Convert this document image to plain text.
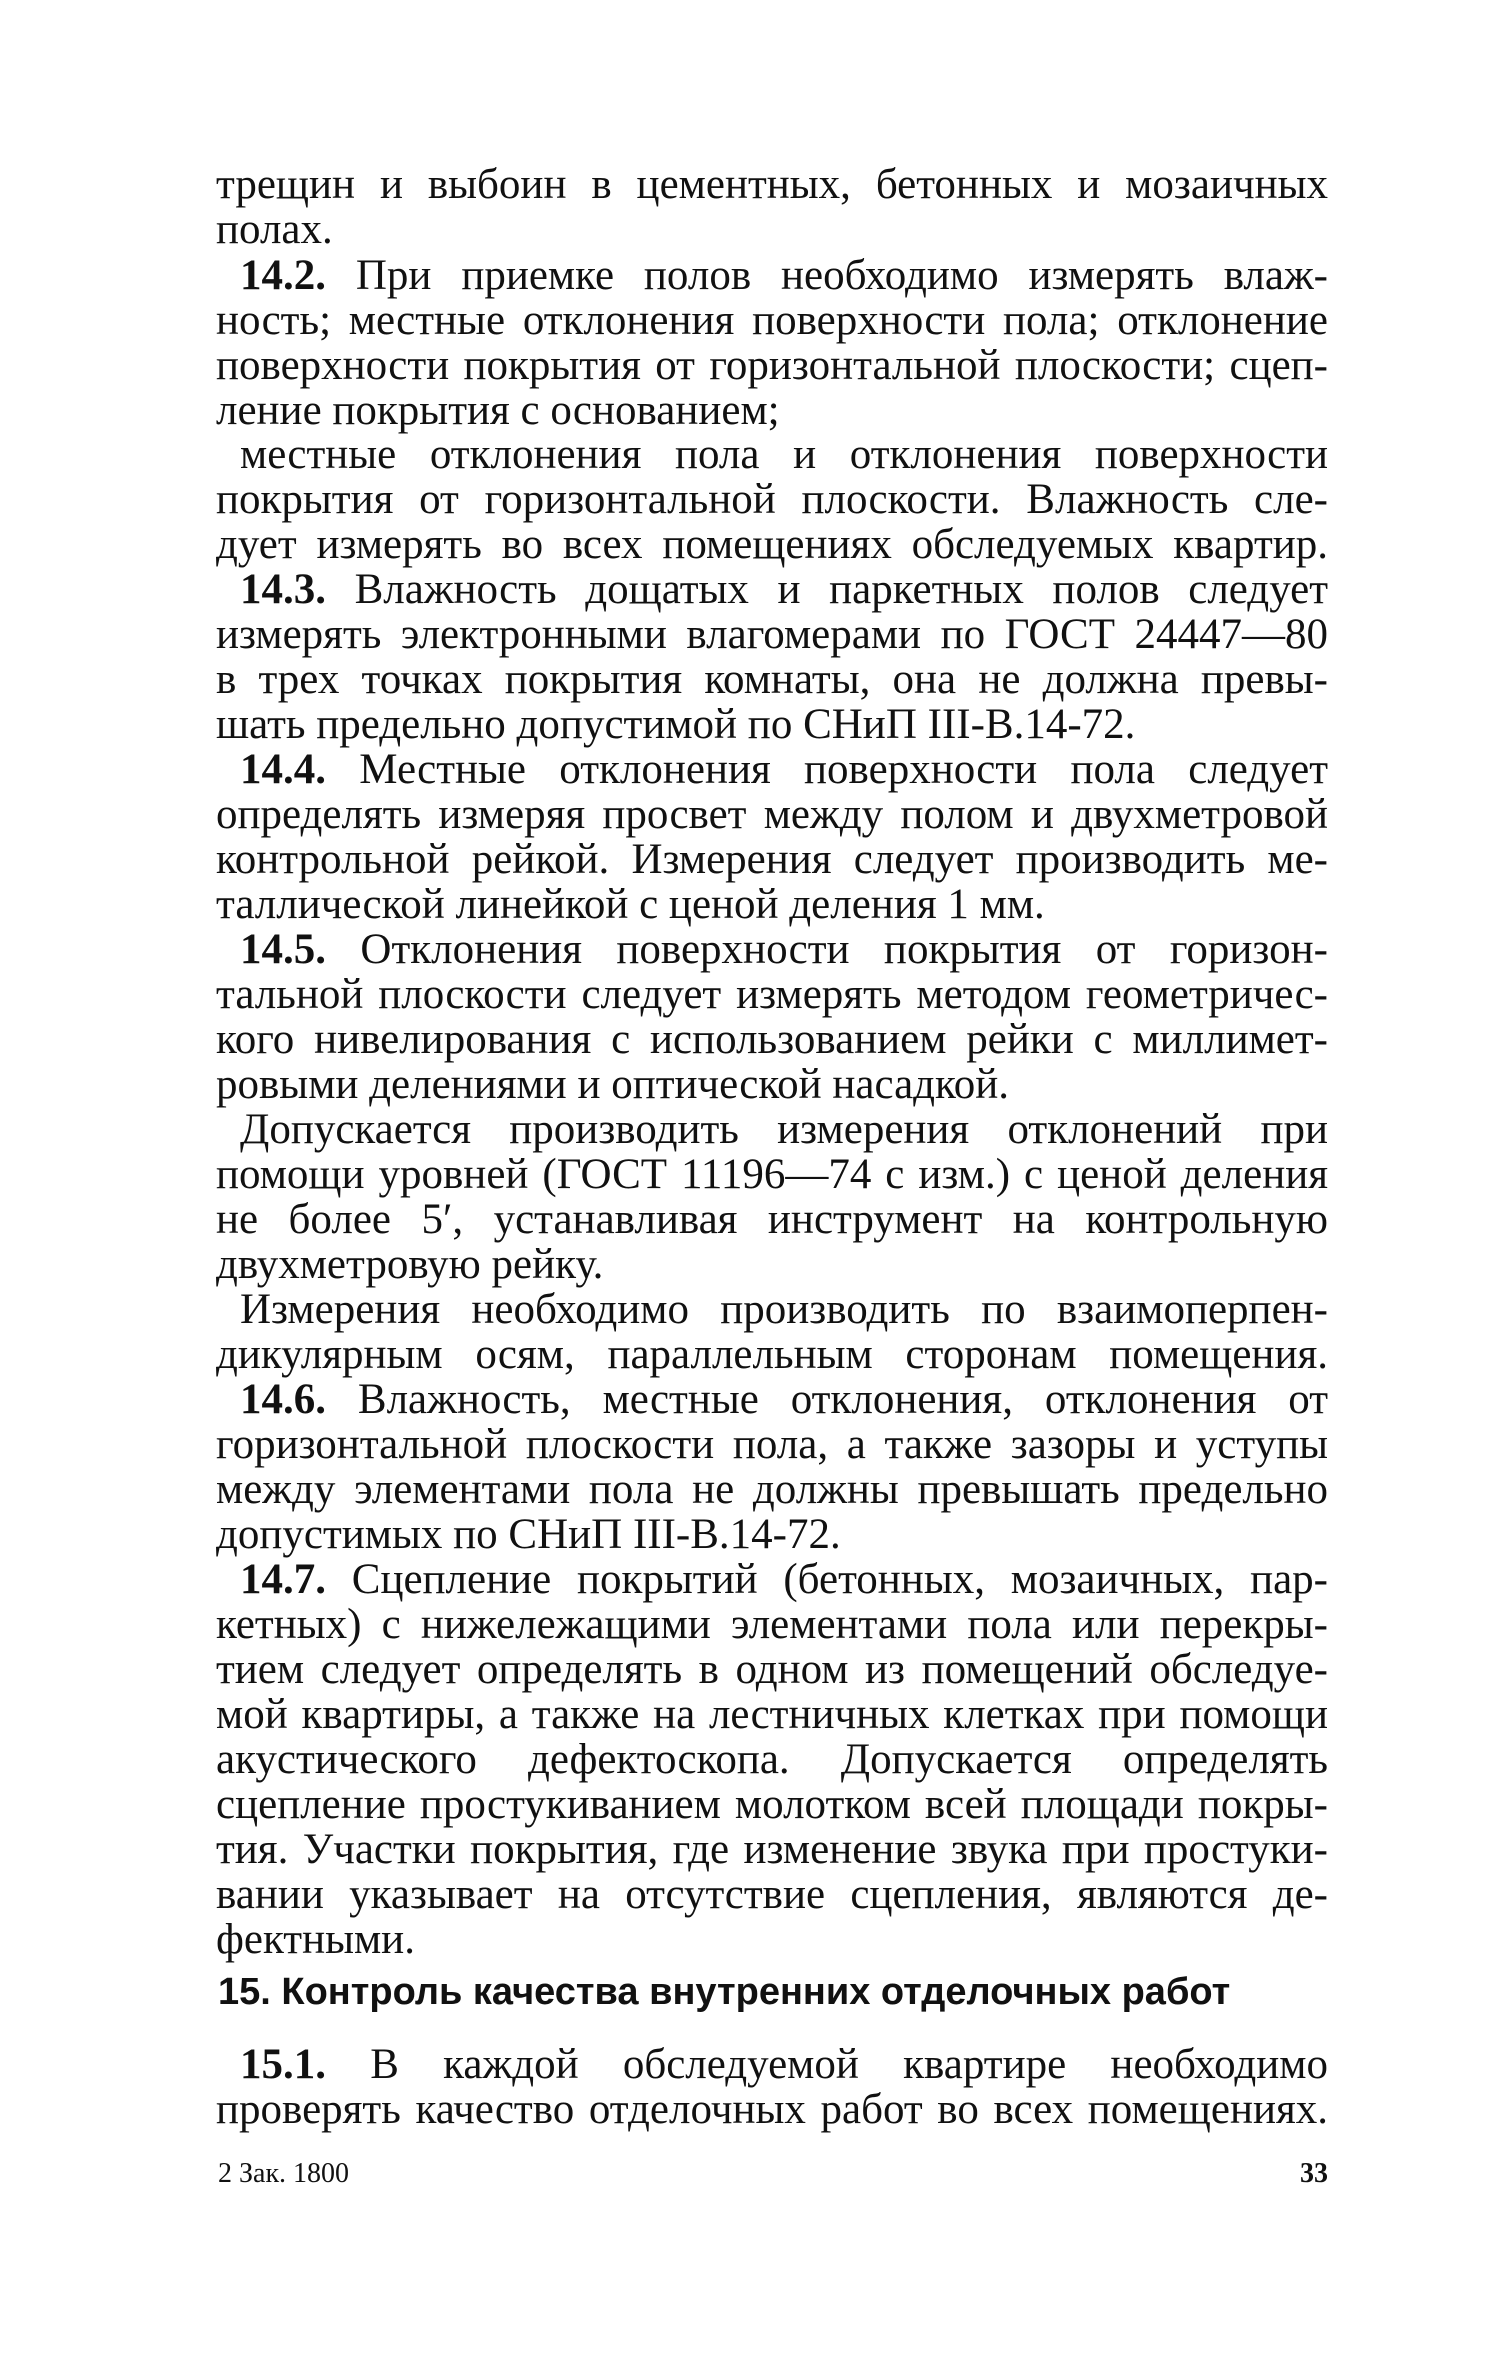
трещин и выбоин в цементных, бетонных и мозаичных
полах.

14.2. При приемке полов необходимо измерять влаж-
ность; местные отклонения поверхности пола; отклонение
поверхности покрытия от горизонтальной плоскости; сцеп-
ление покрытия с основанием;

местные отклонения пола и отклонения поверхности

покрытия от горизонтальной плоскости. Влажность сле-
дует измерять во всех помещениях обследуемых квартир.

14.3. Влажность дощатых и паркетных полов следует
измерять электронными влагомерами по ГОСТ 24447—80
в трех точках покрытия комнаты, она не должна превы-
шать предельно допустимой по СНиП III-В.14-72.

14.4. Местные отклонения поверхности пола следует
определять измеряя просвет между полом и двухметровой
контрольной рейкой. Измерения следует производить ме-
таллической линейкой с ценой деления 1 мм.

14.5. Отклонения поверхности покрытия от горизон-
тальной плоскости следует измерять методом геометричес-
кого нивелирования с использованием рейки с миллимет-
ровыми делениями и оптической насадкой.

Допускается производить измерения отклонений при

помощи уровней (ГОСТ 11196—74 с изм.) с ценой деления
не более 5′, устанавливая инструмент на контрольную
двухметровую рейку.

Измерения необходимо производить по взаимоперпен-

дикулярным осям, параллельным сторонам помещения.

14.6. Влажность, местные отклонения, отклонения от
горизонтальной плоскости пола, а также зазоры и уступы
между элементами пола не должны превышать предельно
допустимых по СНиП III-В.14-72.

14.7. Сцепление покрытий (бетонных, мозаичных, пар-
кетных) с нижележащими элементами пола или перекры-
тием следует определять в одном из помещений обследуе-
мой квартиры, а также на лестничных клетках при помощи
акустического дефектоскопа. Допускается определять
сцепление простукиванием молотком всей площади покры-
тия. Участки покрытия, где изменение звука при простуки-
вании указывает на отсутствие сцепления, являются де-
фектными.

15. Контроль качества внутренних отделочных работ

15.1. В каждой обследуемой квартире необходимо
проверять качество отделочных работ во всех помещениях.

2 Зак. 1800	33
